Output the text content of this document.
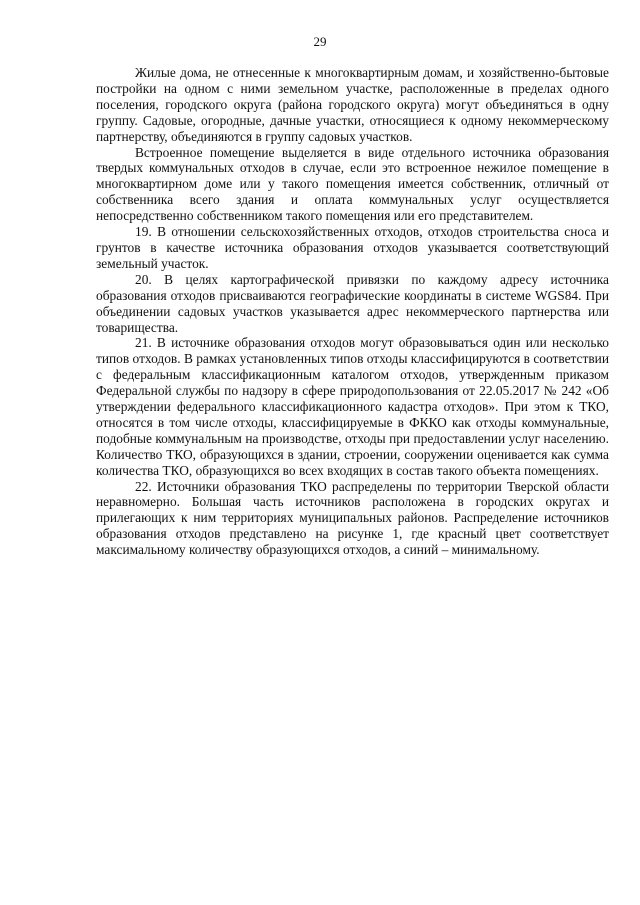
29

Жилые дома, не отнесенные к многоквартирным домам, и хозяйственно-бытовые постройки на одном с ними земельном участке, расположенные в пределах одного поселения, городского округа (района городского округа) могут объединяться в одну группу. Садовые, огородные, дачные участки, относящиеся к одному некоммерческому партнерству, объединяются в группу садовых участков.

Встроенное помещение выделяется в виде отдельного источника образования твердых коммунальных отходов в случае, если это встроенное нежилое помещение в многоквартирном доме или у такого помещения имеется собственник, отличный от собственника всего здания и оплата коммунальных услуг осуществляется непосредственно собственником такого помещения или его представителем.

19. В отношении сельскохозяйственных отходов, отходов строительства сноса и грунтов в качестве источника образования отходов указывается соответствующий земельный участок.

20. В целях картографической привязки по каждому адресу источника образования отходов присваиваются географические координаты в системе WGS84. При объединении садовых участков указывается адрес некоммерческого партнерства или товарищества.

21. В источнике образования отходов могут образовываться один или несколько типов отходов. В рамках установленных типов отходы классифицируются в соответствии с федеральным классификационным каталогом отходов, утвержденным приказом Федеральной службы по надзору в сфере природопользования от 22.05.2017 № 242 «Об утверждении федерального классификационного кадастра отходов». При этом к ТКО, относятся в том числе отходы, классифицируемые в ФККО как отходы коммунальные, подобные коммунальным на производстве, отходы при предоставлении услуг населению. Количество ТКО, образующихся в здании, строении, сооружении оценивается как сумма количества ТКО, образующихся во всех входящих в состав такого объекта помещениях.

22. Источники образования ТКО распределены по территории Тверской области неравномерно. Большая часть источников расположена в городских округах и прилегающих к ним территориях муниципальных районов. Распределение источников образования отходов представлено на рисунке 1, где красный цвет соответствует максимальному количеству образующихся отходов, а синий – минимальному.
